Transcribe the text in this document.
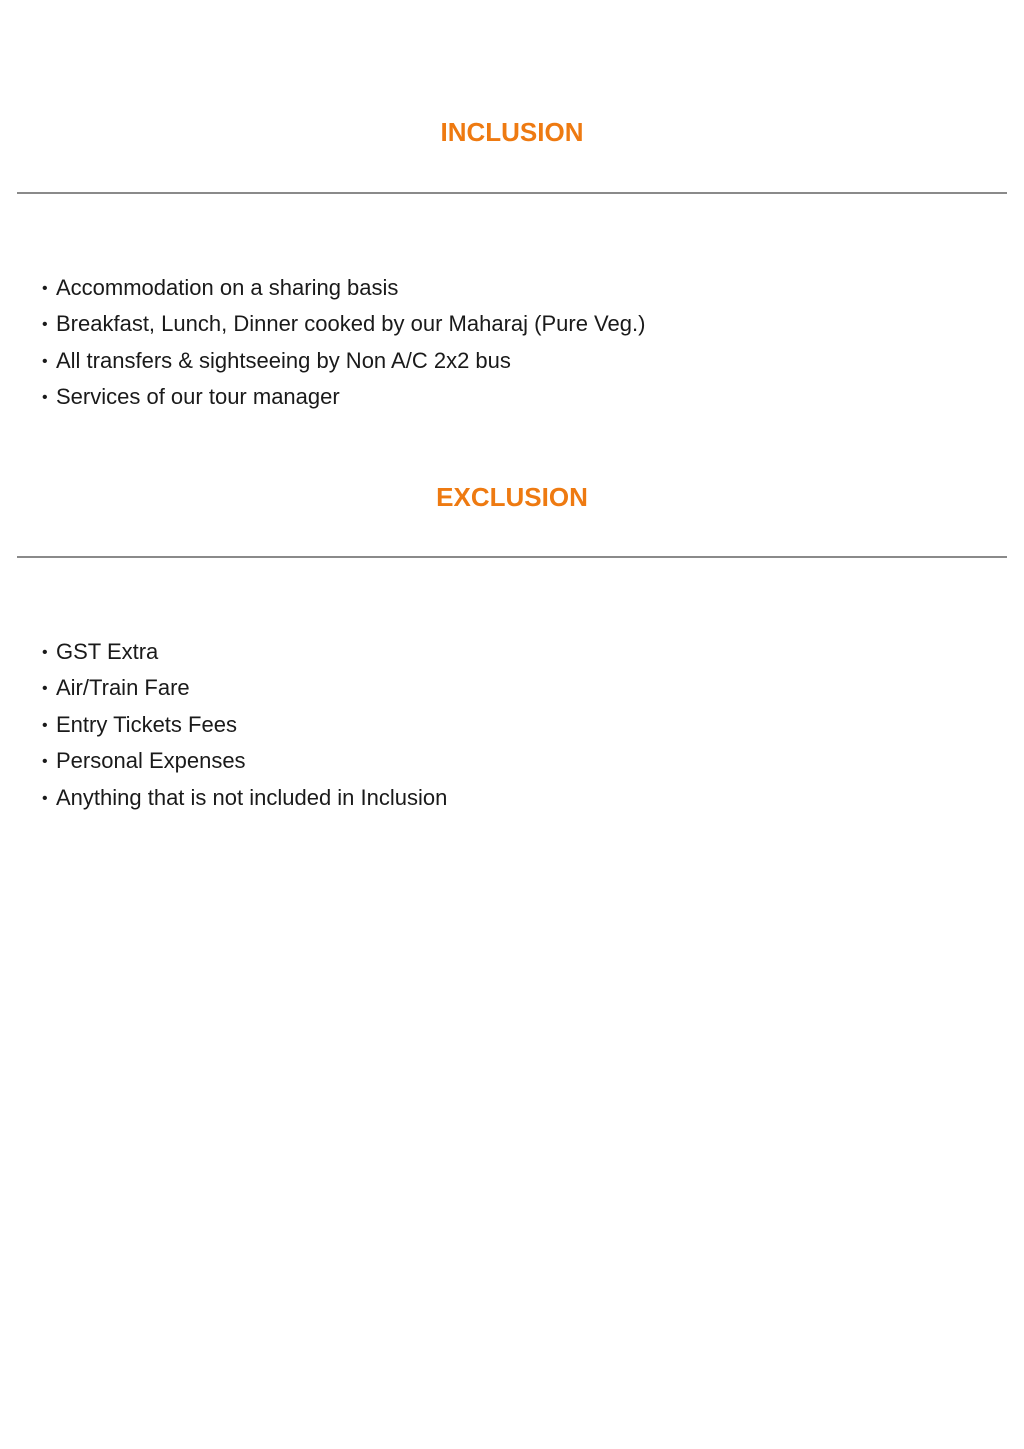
INCLUSION
• Accommodation on a sharing basis
• Breakfast, Lunch, Dinner cooked by our Maharaj (Pure Veg.)
• All transfers & sightseeing by Non A/C 2x2 bus
• Services of our tour manager
EXCLUSION
• GST Extra
• Air/Train Fare
• Entry Tickets Fees
• Personal Expenses
• Anything that is not included in Inclusion
